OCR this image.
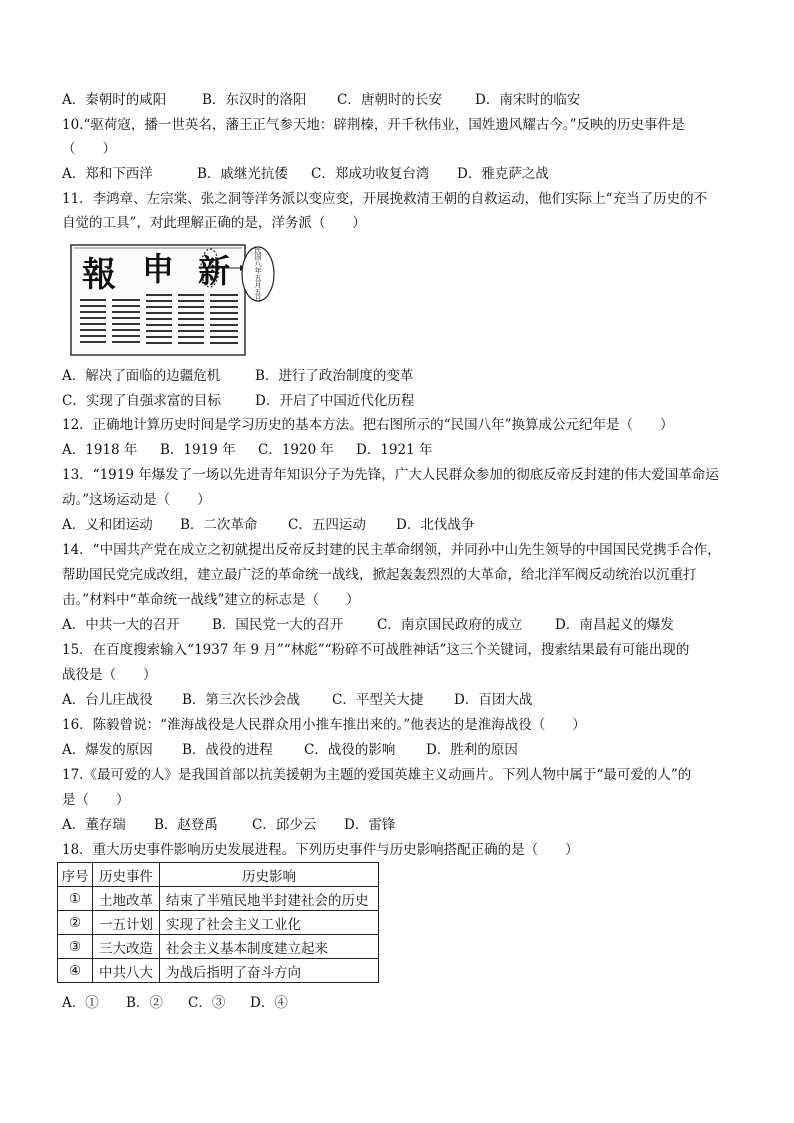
A．秦朝时的咸阳	B．东汉时的洛阳 C．唐朝时的长安 D．南宋时的临安
10.“驱荷寇，播一世英名，藩王正气参天地：辟荆榛，开千秋伟业，国姓遗风耀古今。”反映的历史事件是
（　　）
A．郑和下西洋	B．戚继光抗倭 C．郑成功收复台湾 D．雅克萨之战
11．李鸿章、左宗棠、张之洞等洋务派以变应变，开展挽救清王朝的自救运动，他们实际上“充当了历史的不
自觉的工具”，对此理解正确的是，洋务派（　　）
報 申 新	民国八年五月五日
A．解决了面临的边疆危机	B．进行了政治制度的变革
C．实现了自强求富的目标	D．开启了中国近代化历程
12．正确地计算历史时间是学习历史的基本方法。把右图所示的“民国八年”换算成公元纪年是（　　）
A．1918 年 B．1919 年 C．1920 年 D．1921 年
13．“1919 年爆发了一场以先进青年知识分子为先锋，广大人民群众参加的彻底反帝反封建的伟大爱国革命运
动。”这场运动是（　　）
A．义和团运动 B．二次革命 C．五四运动 D．北伐战争
14．“中国共产党在成立之初就提出反帝反封建的民主革命纲领，并同孙中山先生领导的中国国民党携手合作，
帮助国民党完成改组，建立最广泛的革命统一战线，掀起轰轰烈烈的大革命，给北洋军阀反动统治以沉重打
击。”材料中“革命统一战线”建立的标志是（　　）
A．中共一大的召开 B．国民党一大的召开 C．南京国民政府的成立 D．南昌起义的爆发
15．在百度搜索输入“1937 年 9 月”“林彪”“粉碎不可战胜神话”这三个关键词，搜索结果最有可能出现的
战役是（　　）
A．台儿庄战役 B．第三次长沙会战 C．平型关大捷 D．百团大战
16．陈毅曾说：“淮海战役是人民群众用小推车推出来的。”他表达的是淮海战役（　　）
A．爆发的原因 B．战役的进程 C．战役的影响 D．胜利的原因
17.《最可爱的人》是我国首部以抗美援朝为主题的爱国英雄主义动画片。下列人物中属于“最可爱的人”的
是（　　）
A．董存瑞 B．赵登禹	C．邱少云 D．雷锋
18．重大历史事件影响历史发展进程。下列历史事件与历史影响搭配正确的是（　　）
序号	历史事件	历史影响
①	土地改革	结束了半殖民地半封建社会的历史
②	一五计划	实现了社会主义工业化
③	三大改造	社会主义基本制度建立起来
④	中共八大	为战后指明了奋斗方向
A．① B．② C．③ D．④
